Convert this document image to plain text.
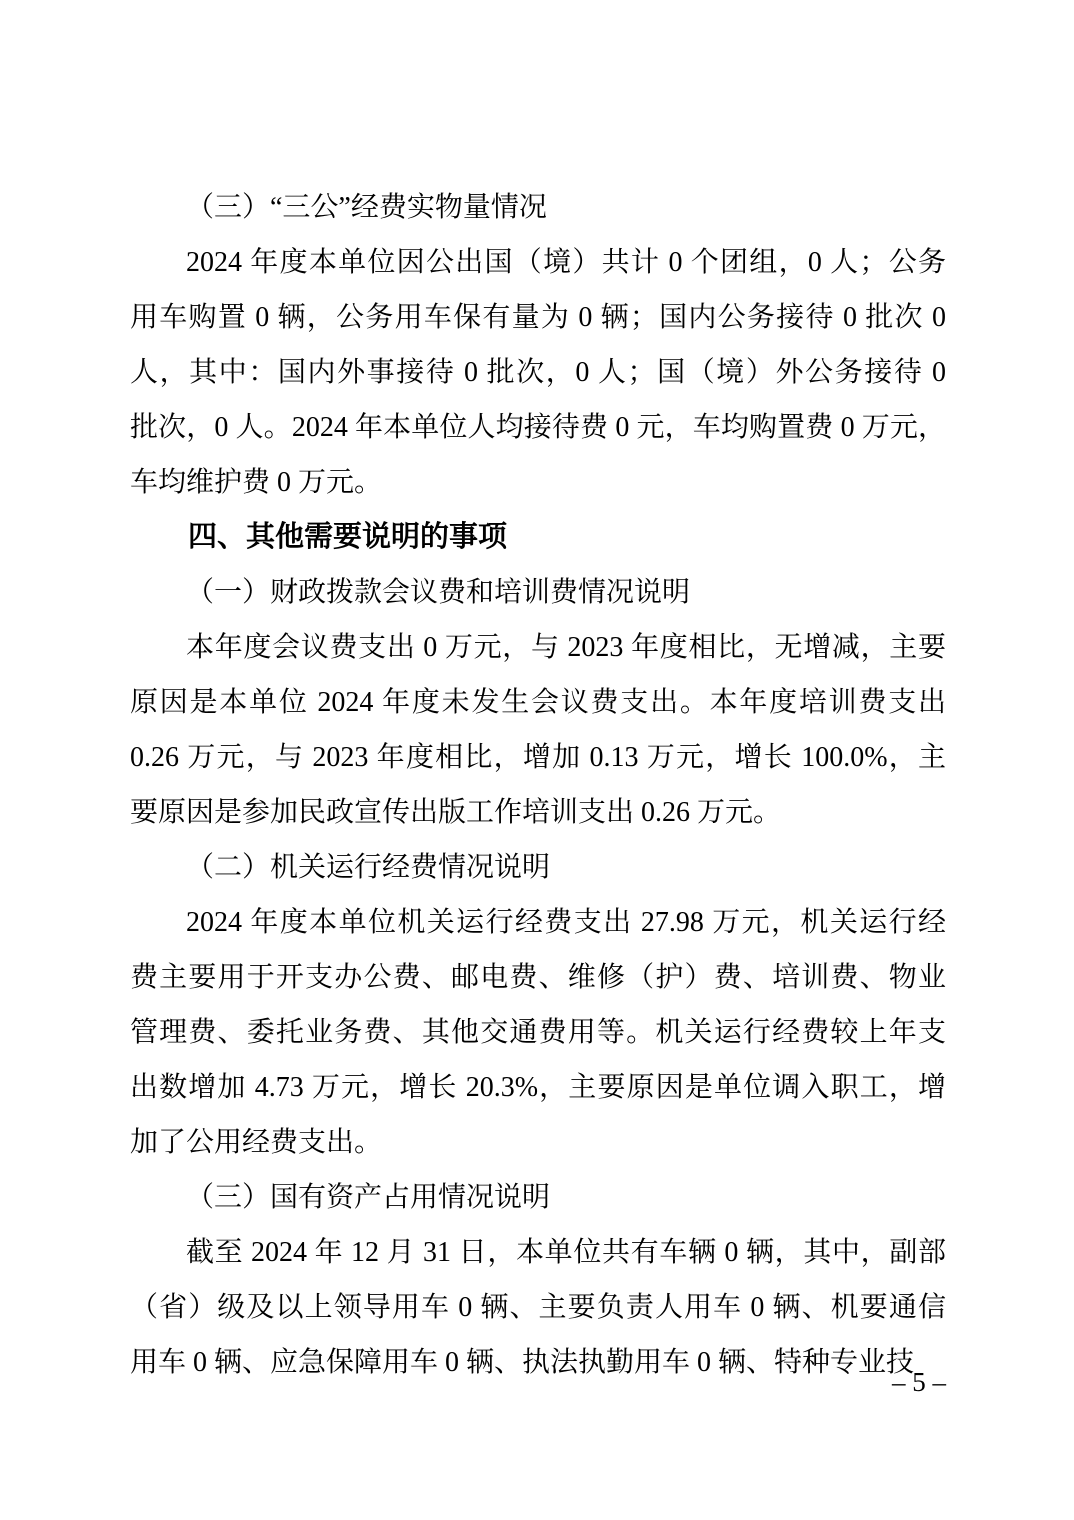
（三）“三公”经费实物量情况
2024 年度本单位因公出国（境）共计 0 个团组，0 人；公务
用车购置 0 辆，公务用车保有量为 0 辆；国内公务接待 0 批次 0
人，其中：国内外事接待 0 批次，0 人；国（境）外公务接待 0
批次，0 人。2024 年本单位人均接待费 0 元，车均购置费 0 万元，
车均维护费 0 万元。
四、其他需要说明的事项
（一）财政拨款会议费和培训费情况说明
本年度会议费支出 0 万元，与 2023 年度相比，无增减，主要
原因是本单位 2024 年度未发生会议费支出。本年度培训费支出
0.26 万元，与 2023 年度相比，增加 0.13 万元，增长 100.0%，主
要原因是参加民政宣传出版工作培训支出 0.26 万元。
（二）机关运行经费情况说明
2024 年度本单位机关运行经费支出 27.98 万元，机关运行经
费主要用于开支办公费、邮电费、维修（护）费、培训费、物业
管理费、委托业务费、其他交通费用等。机关运行经费较上年支
出数增加 4.73 万元，增长 20.3%，主要原因是单位调入职工，增
加了公用经费支出。
（三）国有资产占用情况说明
截至 2024 年 12 月 31 日，本单位共有车辆 0 辆，其中，副部
（省）级及以上领导用车 0 辆、主要负责人用车 0 辆、机要通信
用车 0 辆、应急保障用车 0 辆、执法执勤用车 0 辆、特种专业技
– 5 –
